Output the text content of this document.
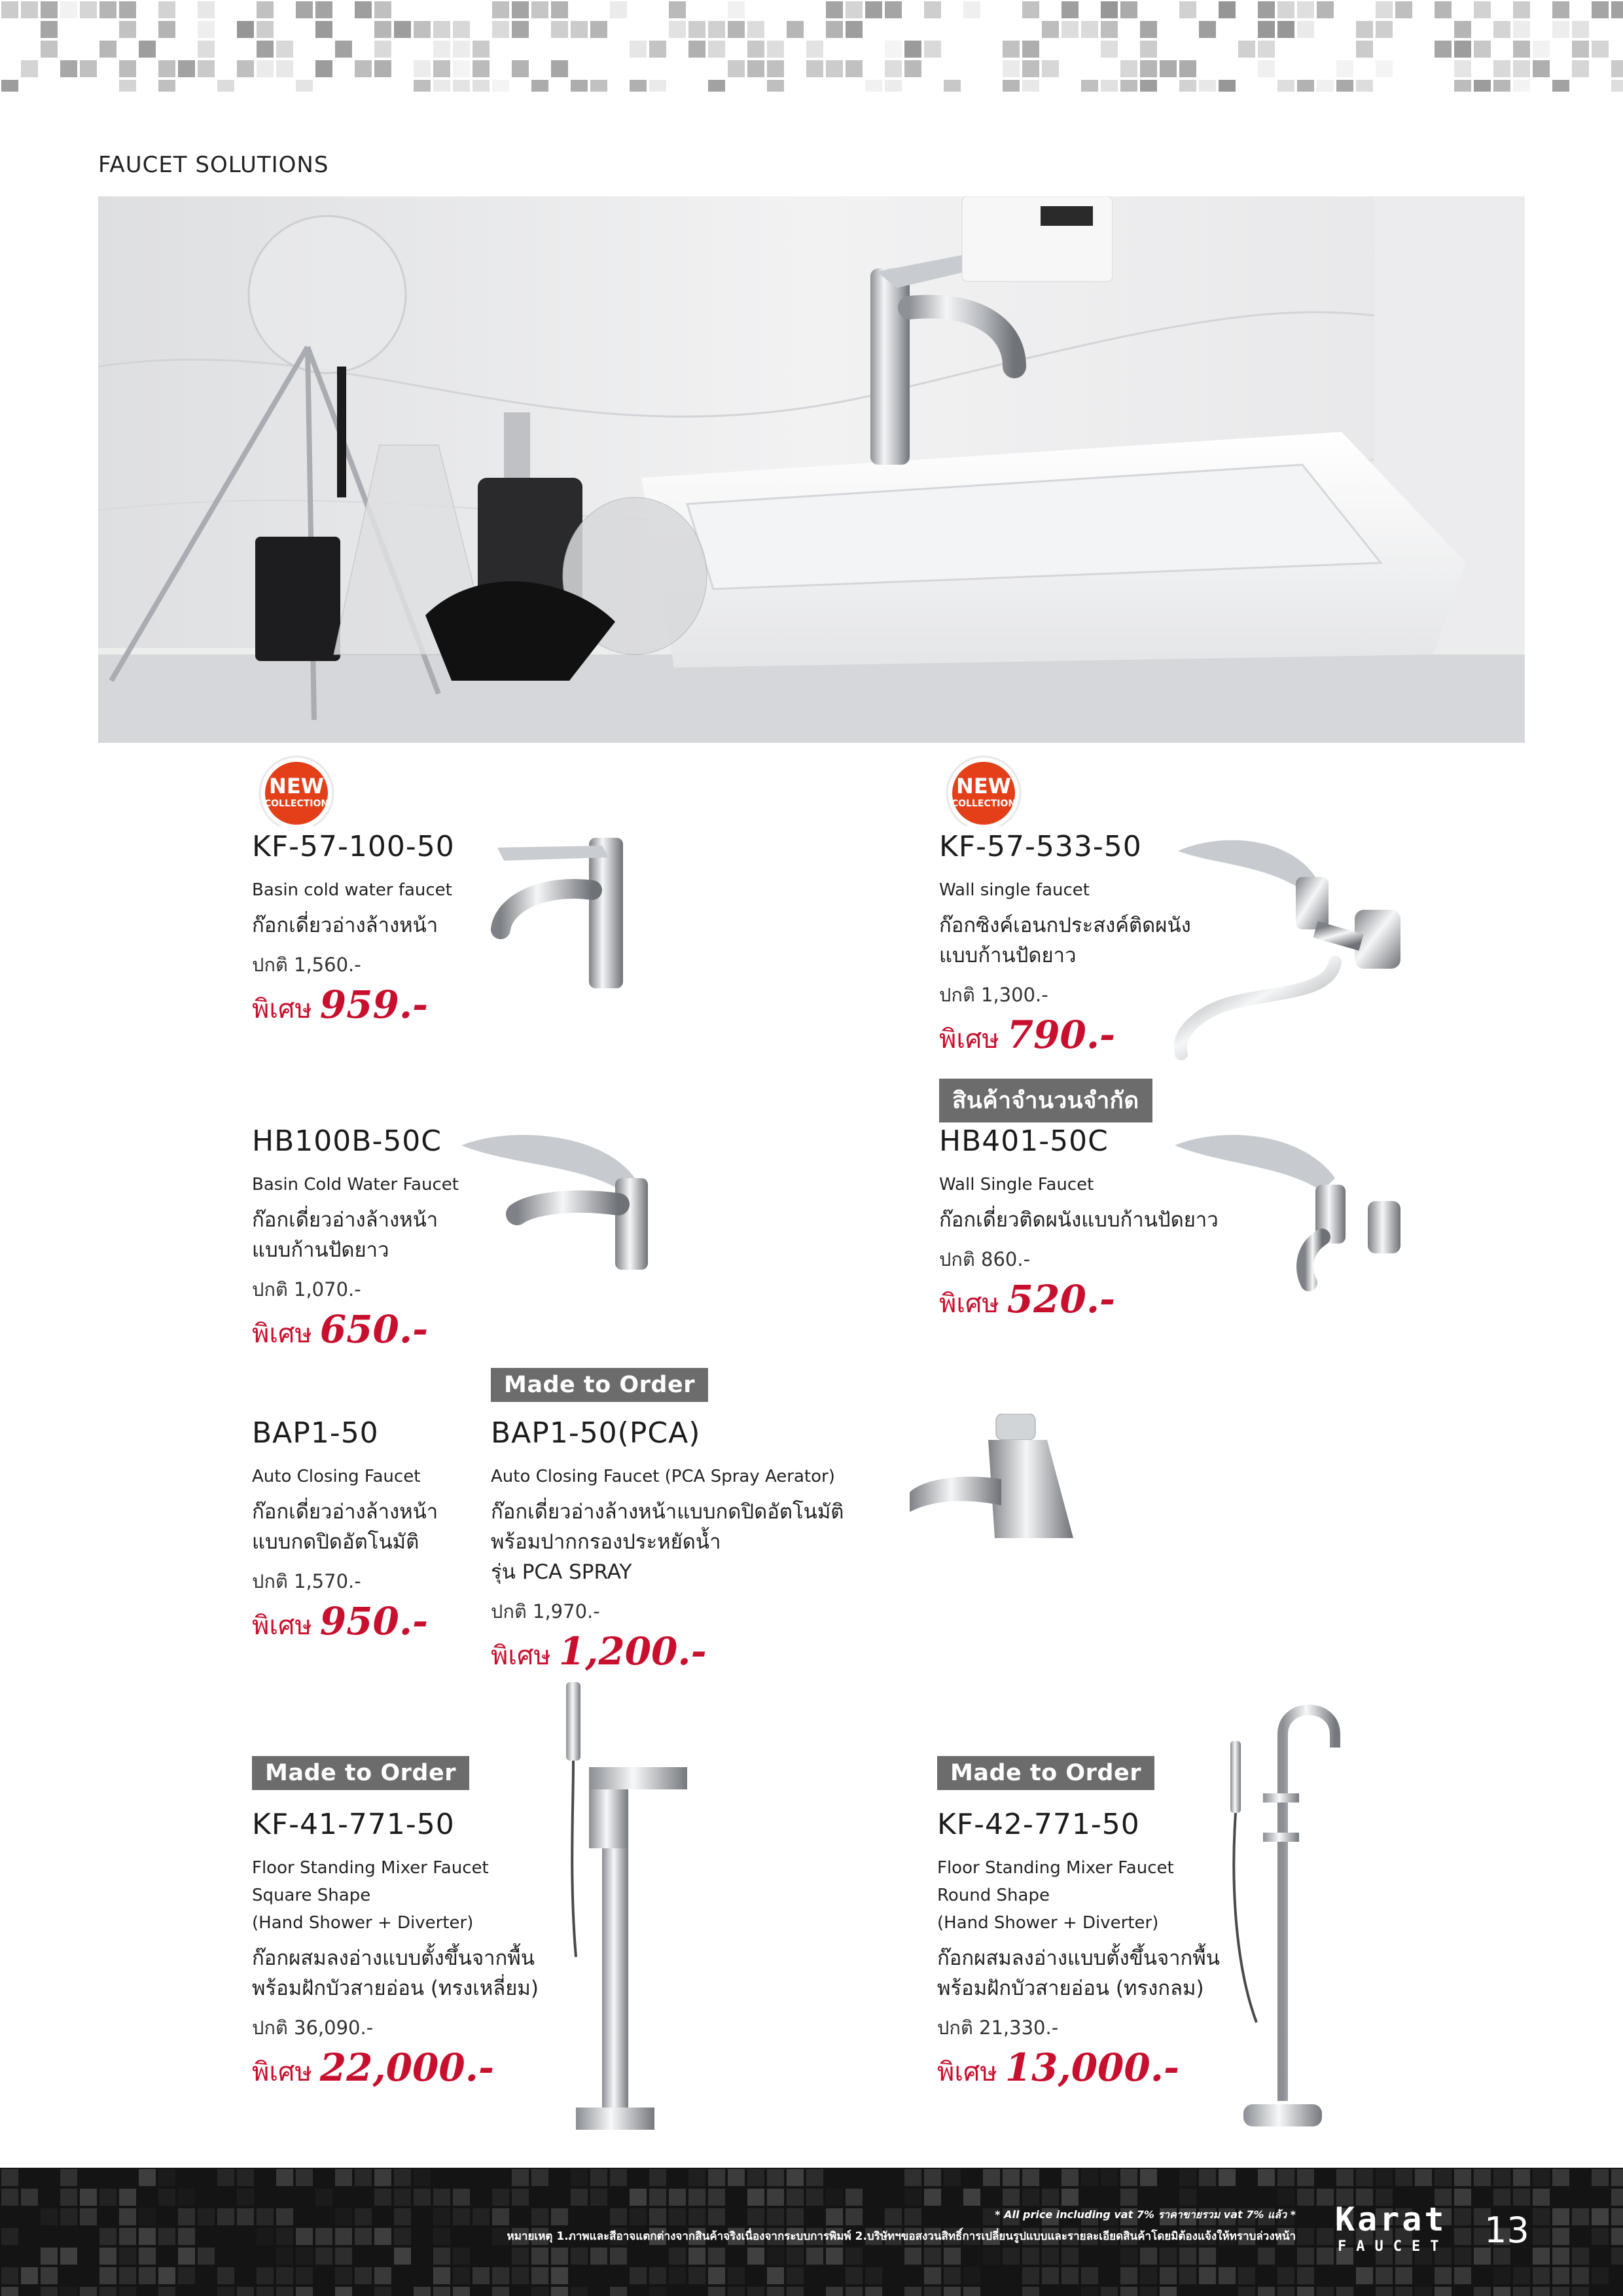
FAUCET SOLUTIONS
NEW
COLLECTION
KF-57-100-50
Basin cold water faucet
ก๊อกเดี่ยวอ่างล้างหน้า
ปกติ 1,560.-
พิเศษ 959.-
NEW
COLLECTION
KF-57-533-50
Wall single faucet
ก๊อกซิงค์เอนกประสงค์ติดผนัง
แบบก้านปัดยาว
ปกติ 1,300.-
พิเศษ 790.-
สินค้าจำนวนจำกัด
HB100B-50C
Basin Cold Water Faucet
ก๊อกเดี่ยวอ่างล้างหน้า
แบบก้านปัดยาว
ปกติ 1,070.-
พิเศษ 650.-
HB401-50C
Wall Single Faucet
ก๊อกเดี่ยวติดผนังแบบก้านปัดยาว
ปกติ 860.-
พิเศษ 520.-
Made to Order
BAP1-50
Auto Closing Faucet
ก๊อกเดี่ยวอ่างล้างหน้า
แบบกดปิดอัตโนมัติ
ปกติ 1,570.-
พิเศษ 950.-
BAP1-50(PCA)
Auto Closing Faucet (PCA Spray Aerator)
ก๊อกเดี่ยวอ่างล้างหน้าแบบกดปิดอัตโนมัติ
พร้อมปากกรองประหยัดน้ำ
รุ่น PCA SPRAY
ปกติ 1,970.-
พิเศษ 1,200.-
Made to Order	Made to Order
KF-41-771-50
Floor Standing Mixer Faucet
Square Shape
(Hand Shower + Diverter)
ก๊อกผสมลงอ่างแบบตั้งขึ้นจากพื้น
พร้อมฝักบัวสายอ่อน (ทรงเหลี่ยม)
ปกติ 36,090.-
พิเศษ 22,000.-
KF-42-771-50
Floor Standing Mixer Faucet
Round Shape
(Hand Shower + Diverter)
ก๊อกผสมลงอ่างแบบตั้งขึ้นจากพื้น
พร้อมฝักบัวสายอ่อน (ทรงกลม)
ปกติ 21,330.-
พิเศษ 13,000.-
* All price including vat 7% ราคาขายรวม vat 7% แล้ว *
หมายเหตุ 1.ภาพและสีอาจแตกต่างจากสินค้าจริงเนื่องจากระบบการพิมพ์ 2.บริษัทฯขอสงวนสิทธิ์การเปลี่ยนรูปแบบและรายละเอียดสินค้าโดยมิต้องแจ้งให้ทราบล่วงหน้า Karat
FAUCET 13
